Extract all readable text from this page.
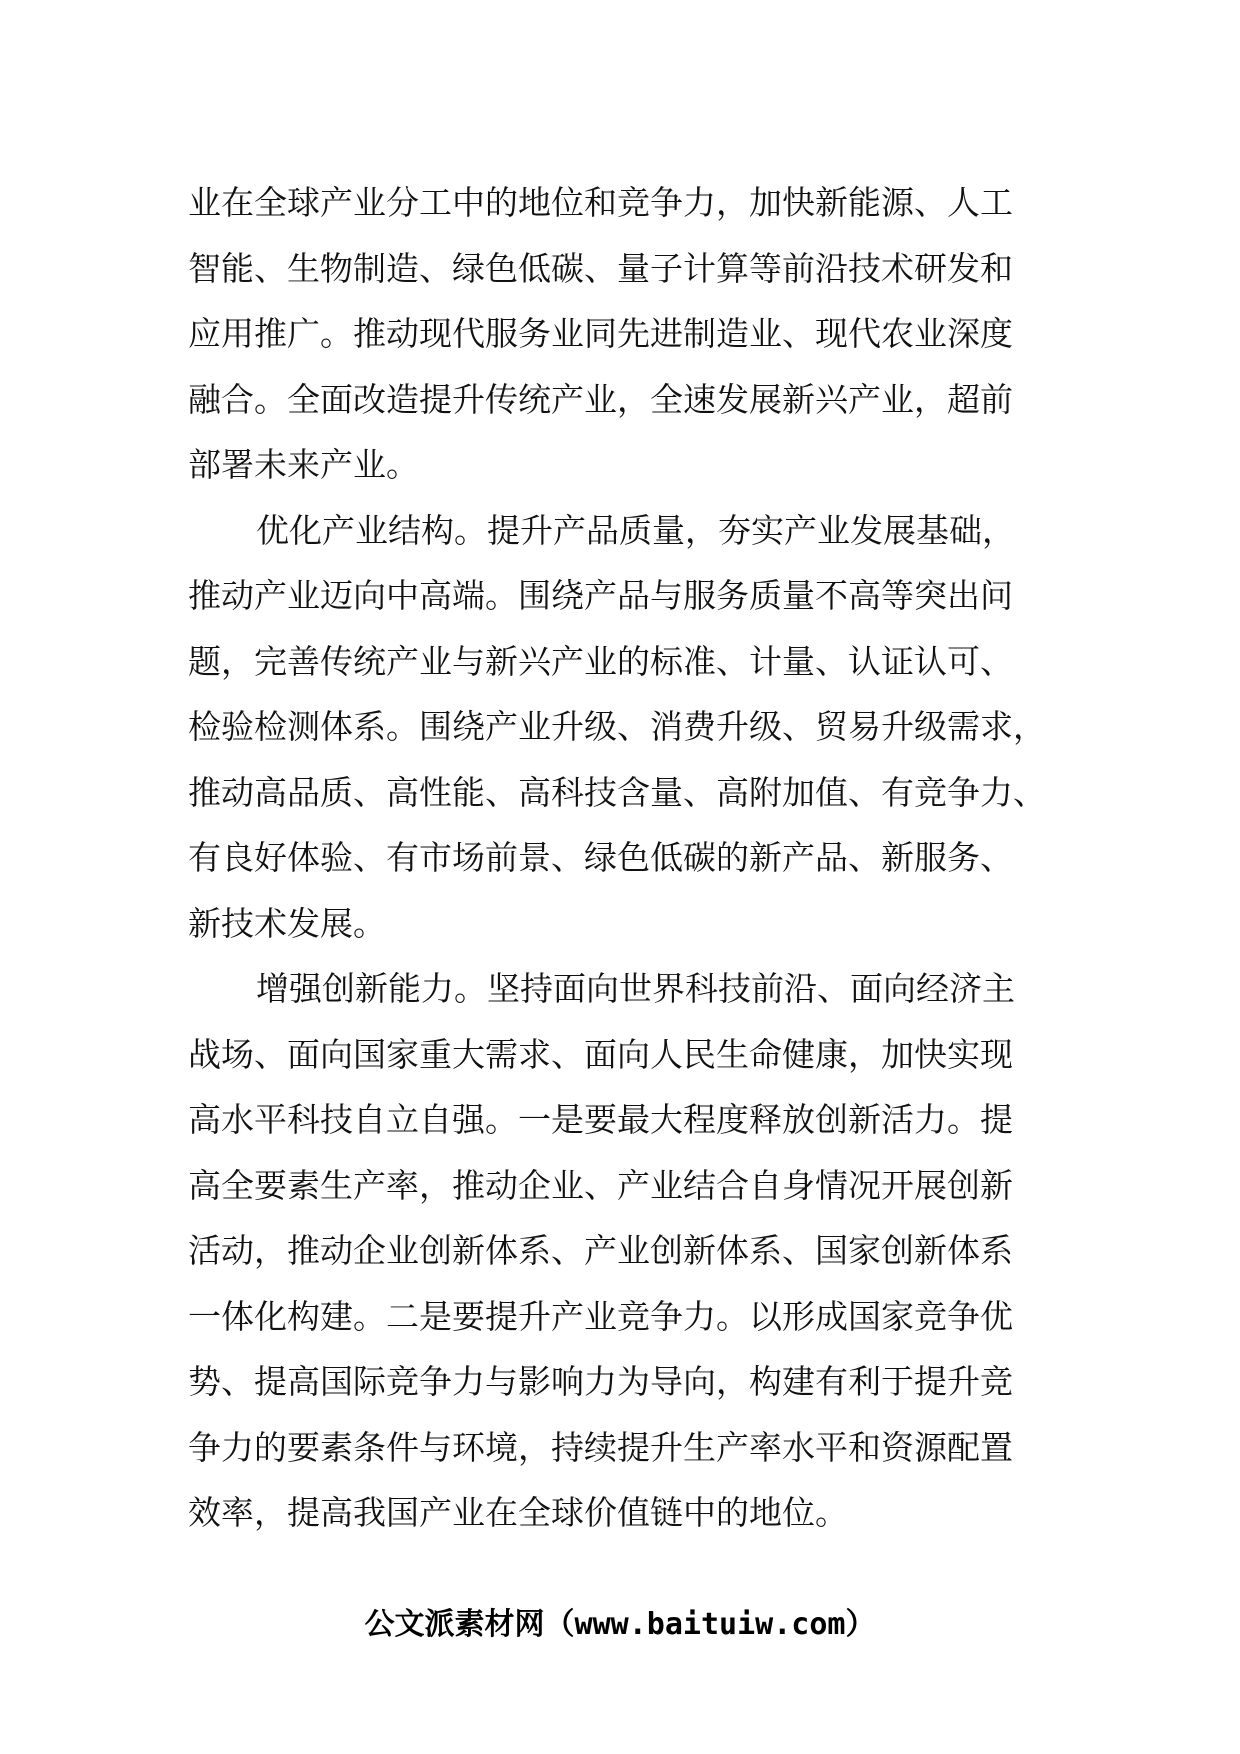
业在全球产业分工中的地位和竞争力，加快新能源、人工
智能、生物制造、绿色低碳、量子计算等前沿技术研发和
应用推广。推动现代服务业同先进制造业、现代农业深度
融合。全面改造提升传统产业，全速发展新兴产业，超前
部署未来产业。
优化产业结构。提升产品质量，夯实产业发展基础，
推动产业迈向中高端。围绕产品与服务质量不高等突出问
题，完善传统产业与新兴产业的标准、计量、认证认可、
检验检测体系。围绕产业升级、消费升级、贸易升级需求，
推动高品质、高性能、高科技含量、高附加值、有竞争力、
有良好体验、有市场前景、绿色低碳的新产品、新服务、
新技术发展。
增强创新能力。坚持面向世界科技前沿、面向经济主
战场、面向国家重大需求、面向人民生命健康，加快实现
高水平科技自立自强。一是要最大程度释放创新活力。提
高全要素生产率，推动企业、产业结合自身情况开展创新
活动，推动企业创新体系、产业创新体系、国家创新体系
一体化构建。二是要提升产业竞争力。以形成国家竞争优
势、提高国际竞争力与影响力为导向，构建有利于提升竞
争力的要素条件与环境，持续提升生产率水平和资源配置
效率，提高我国产业在全球价值链中的地位。
公文派素材网（www.baituiw.com）
